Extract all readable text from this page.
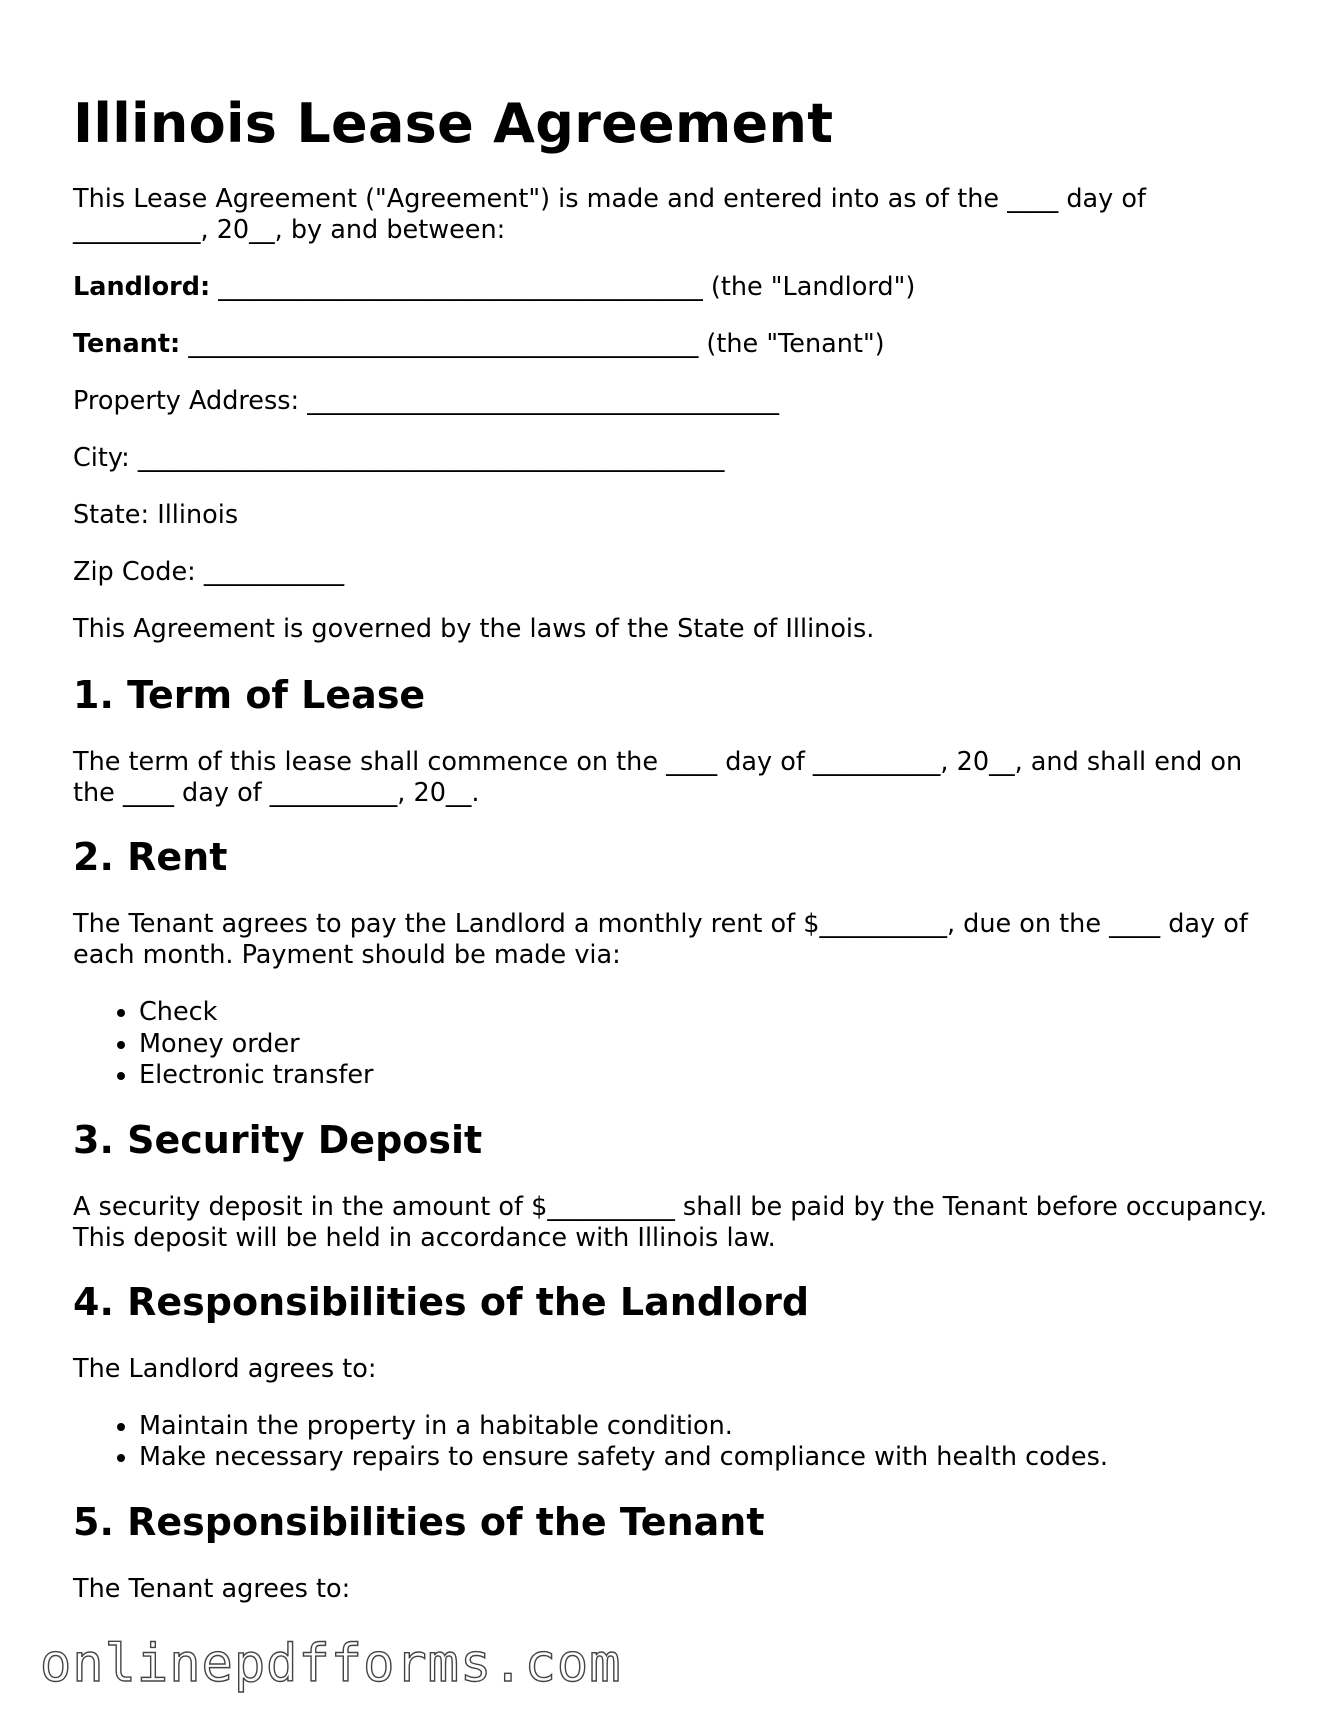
Illinois Lease Agreement

This Lease Agreement ("Agreement") is made and entered into as of the ____ day of __________, 20__, by and between:

Landlord: ______________________________________ (the "Landlord")

Tenant: ________________________________________ (the "Tenant")

Property Address: _____________________________________

City: ______________________________________________

State: Illinois

Zip Code: ___________

This Agreement is governed by the laws of the State of Illinois.

1. Term of Lease

The term of this lease shall commence on the ____ day of __________, 20__, and shall end on the ____ day of __________, 20__.

2. Rent

The Tenant agrees to pay the Landlord a monthly rent of $__________, due on the ____ day of each month. Payment should be made via:

• Check
• Money order
• Electronic transfer
3. Security Deposit

A security deposit in the amount of $__________ shall be paid by the Tenant before occupancy. This deposit will be held in accordance with Illinois law.

4. Responsibilities of the Landlord

The Landlord agrees to:

• Maintain the property in a habitable condition.
• Make necessary repairs to ensure safety and compliance with health codes.
5. Responsibilities of the Tenant

The Tenant agrees to:

onlinepdfforms.com
